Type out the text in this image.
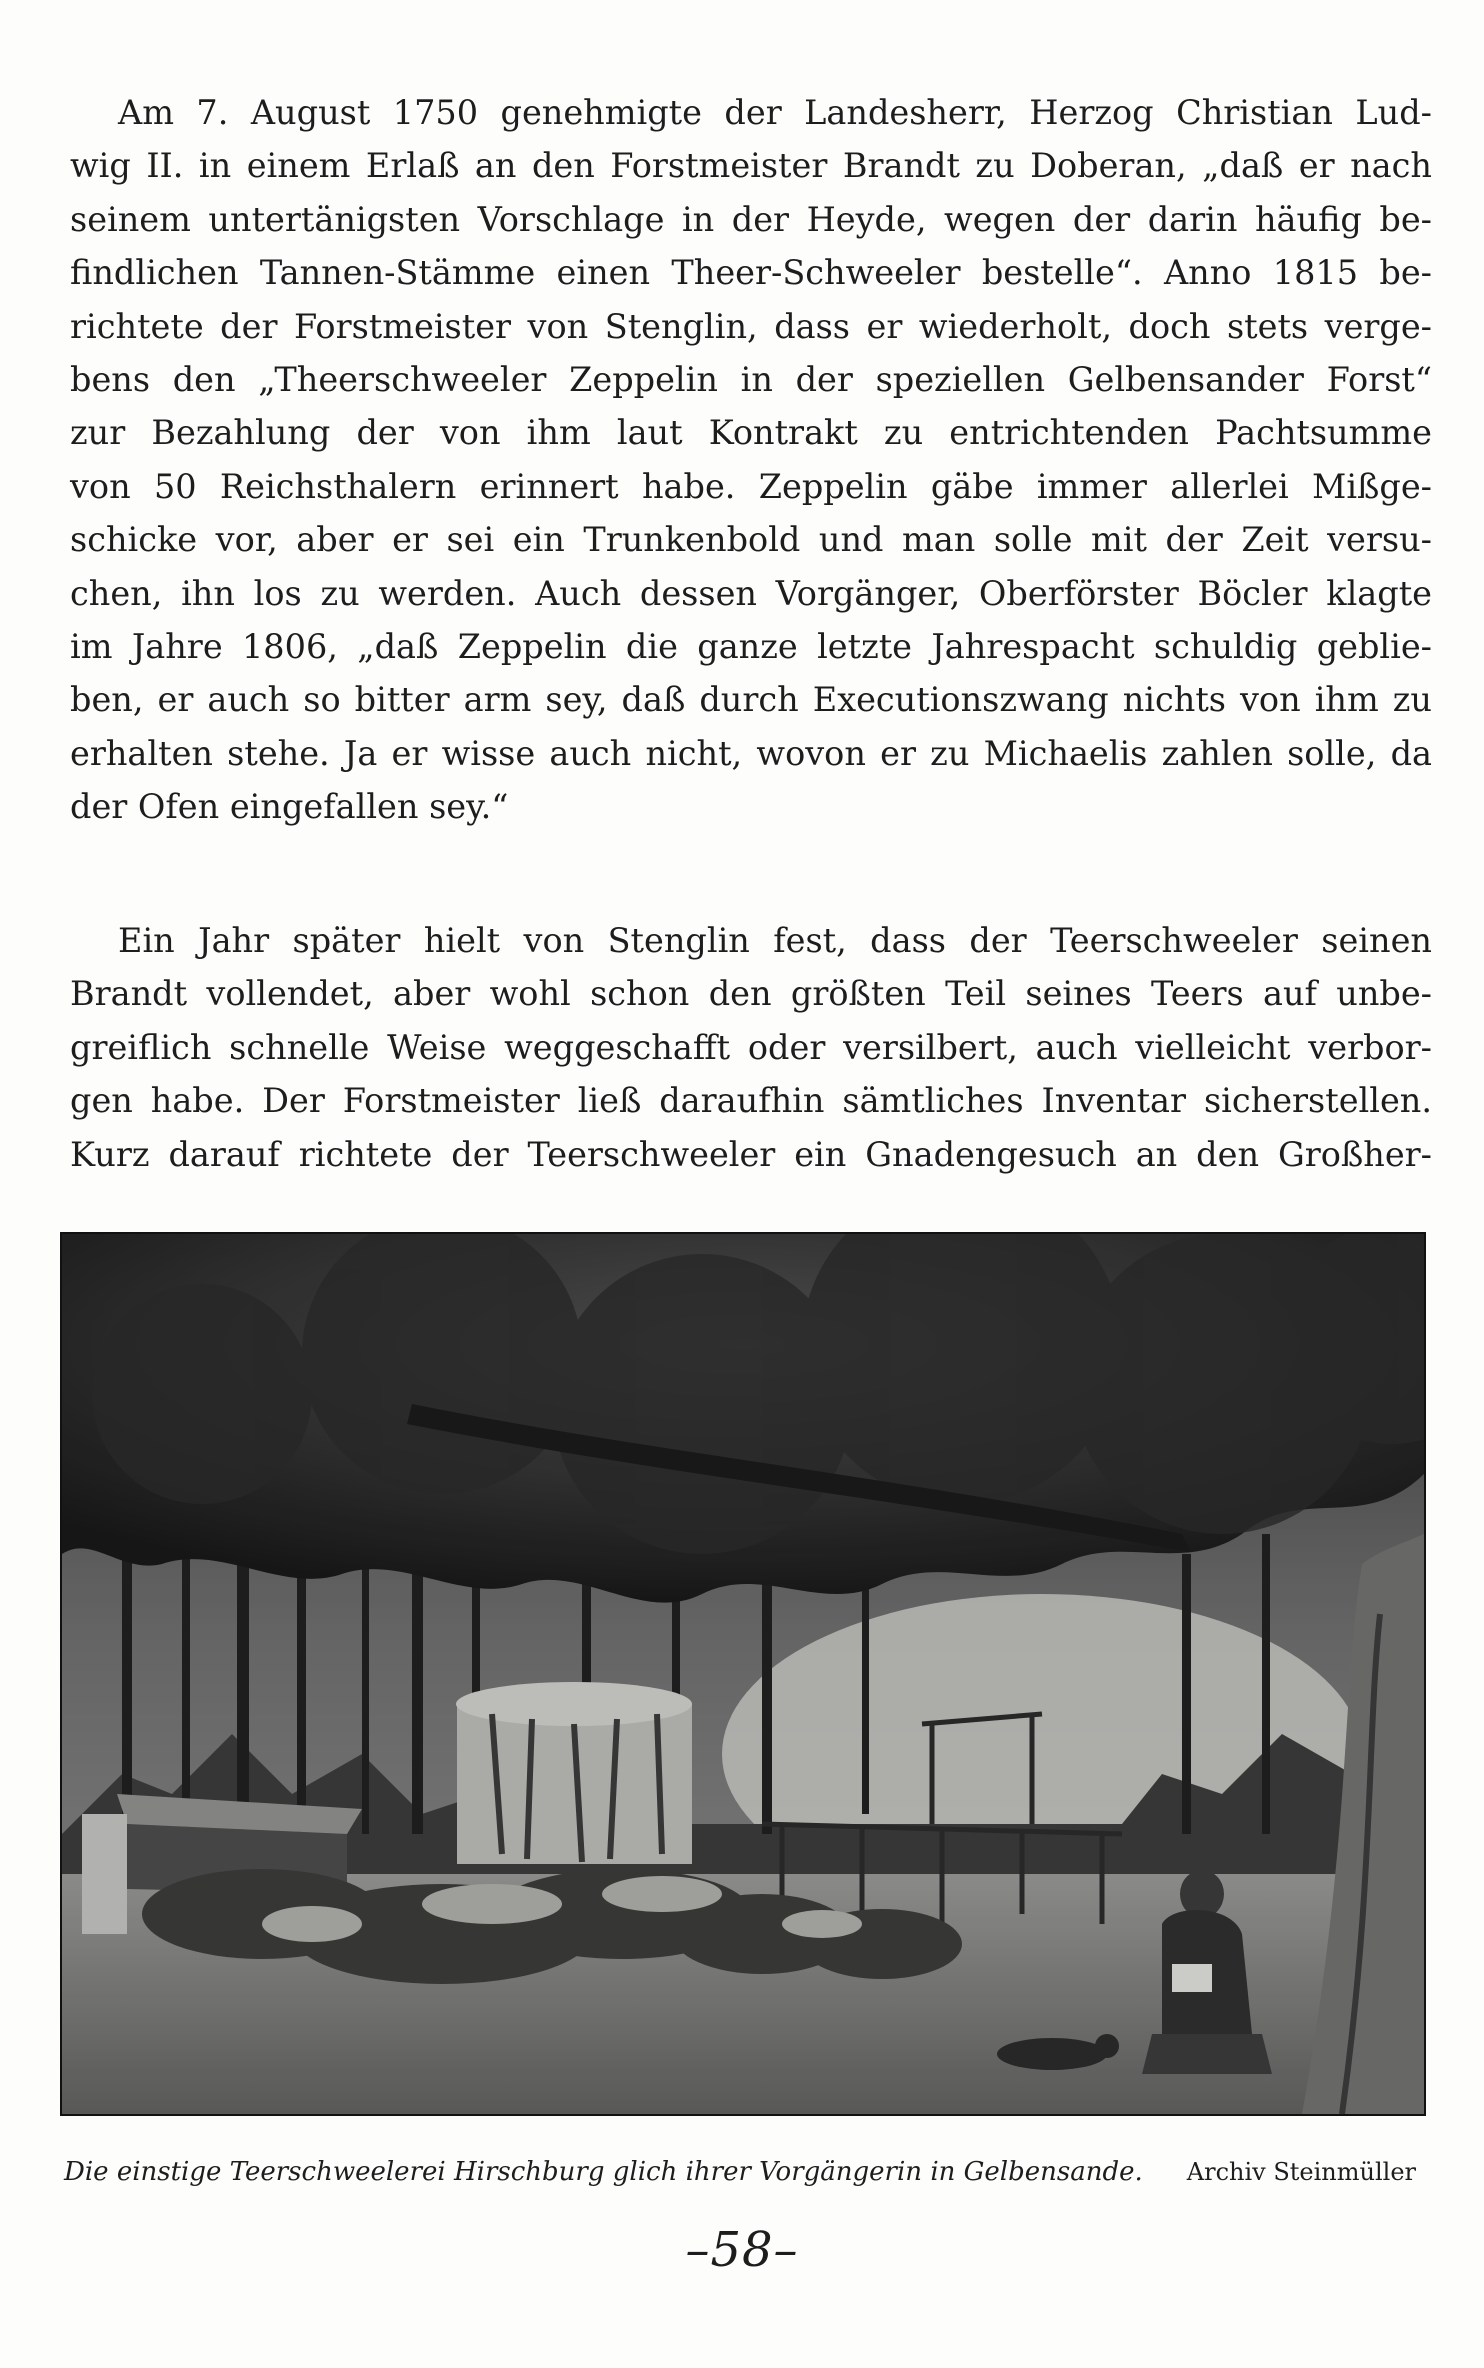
Am 7. August 1750 genehmigte der Landesherr, Herzog Christian Lud-
wig II. in einem Erlaß an den Forstmeister Brandt zu Doberan, „daß er nach
seinem untertänigsten Vorschlage in der Heyde, wegen der darin häufig be-
findlichen Tannen-Stämme einen Theer-Schweeler bestelle“. Anno 1815 be-
richtete der Forstmeister von Stenglin, dass er wiederholt, doch stets verge-
bens den „Theerschweeler Zeppelin in der speziellen Gelbensander Forst“
zur Bezahlung der von ihm laut Kontrakt zu entrichtenden Pachtsumme
von 50 Reichsthalern erinnert habe. Zeppelin gäbe immer allerlei Mißge-
schicke vor, aber er sei ein Trunkenbold und man solle mit der Zeit versu-
chen, ihn los zu werden. Auch dessen Vorgänger, Oberförster Böcler klagte
im Jahre 1806, „daß Zeppelin die ganze letzte Jahrespacht schuldig geblie-
ben, er auch so bitter arm sey, daß durch Executionszwang nichts von ihm zu
erhalten stehe. Ja er wisse auch nicht, wovon er zu Michaelis zahlen solle, da
der Ofen eingefallen sey.“
Ein Jahr später hielt von Stenglin fest, dass der Teerschweeler seinen
Brandt vollendet, aber wohl schon den größten Teil seines Teers auf unbe-
greiflich schnelle Weise weggeschafft oder versilbert, auch vielleicht verbor-
gen habe. Der Forstmeister ließ daraufhin sämtliches Inventar sicherstellen.
Kurz darauf richtete der Teerschweeler ein Gnadengesuch an den Großher-
Die einstige Teerschweelerei Hirschburg glich ihrer Vorgängerin in Gelbensande. Archiv Steinmüller
–58–
